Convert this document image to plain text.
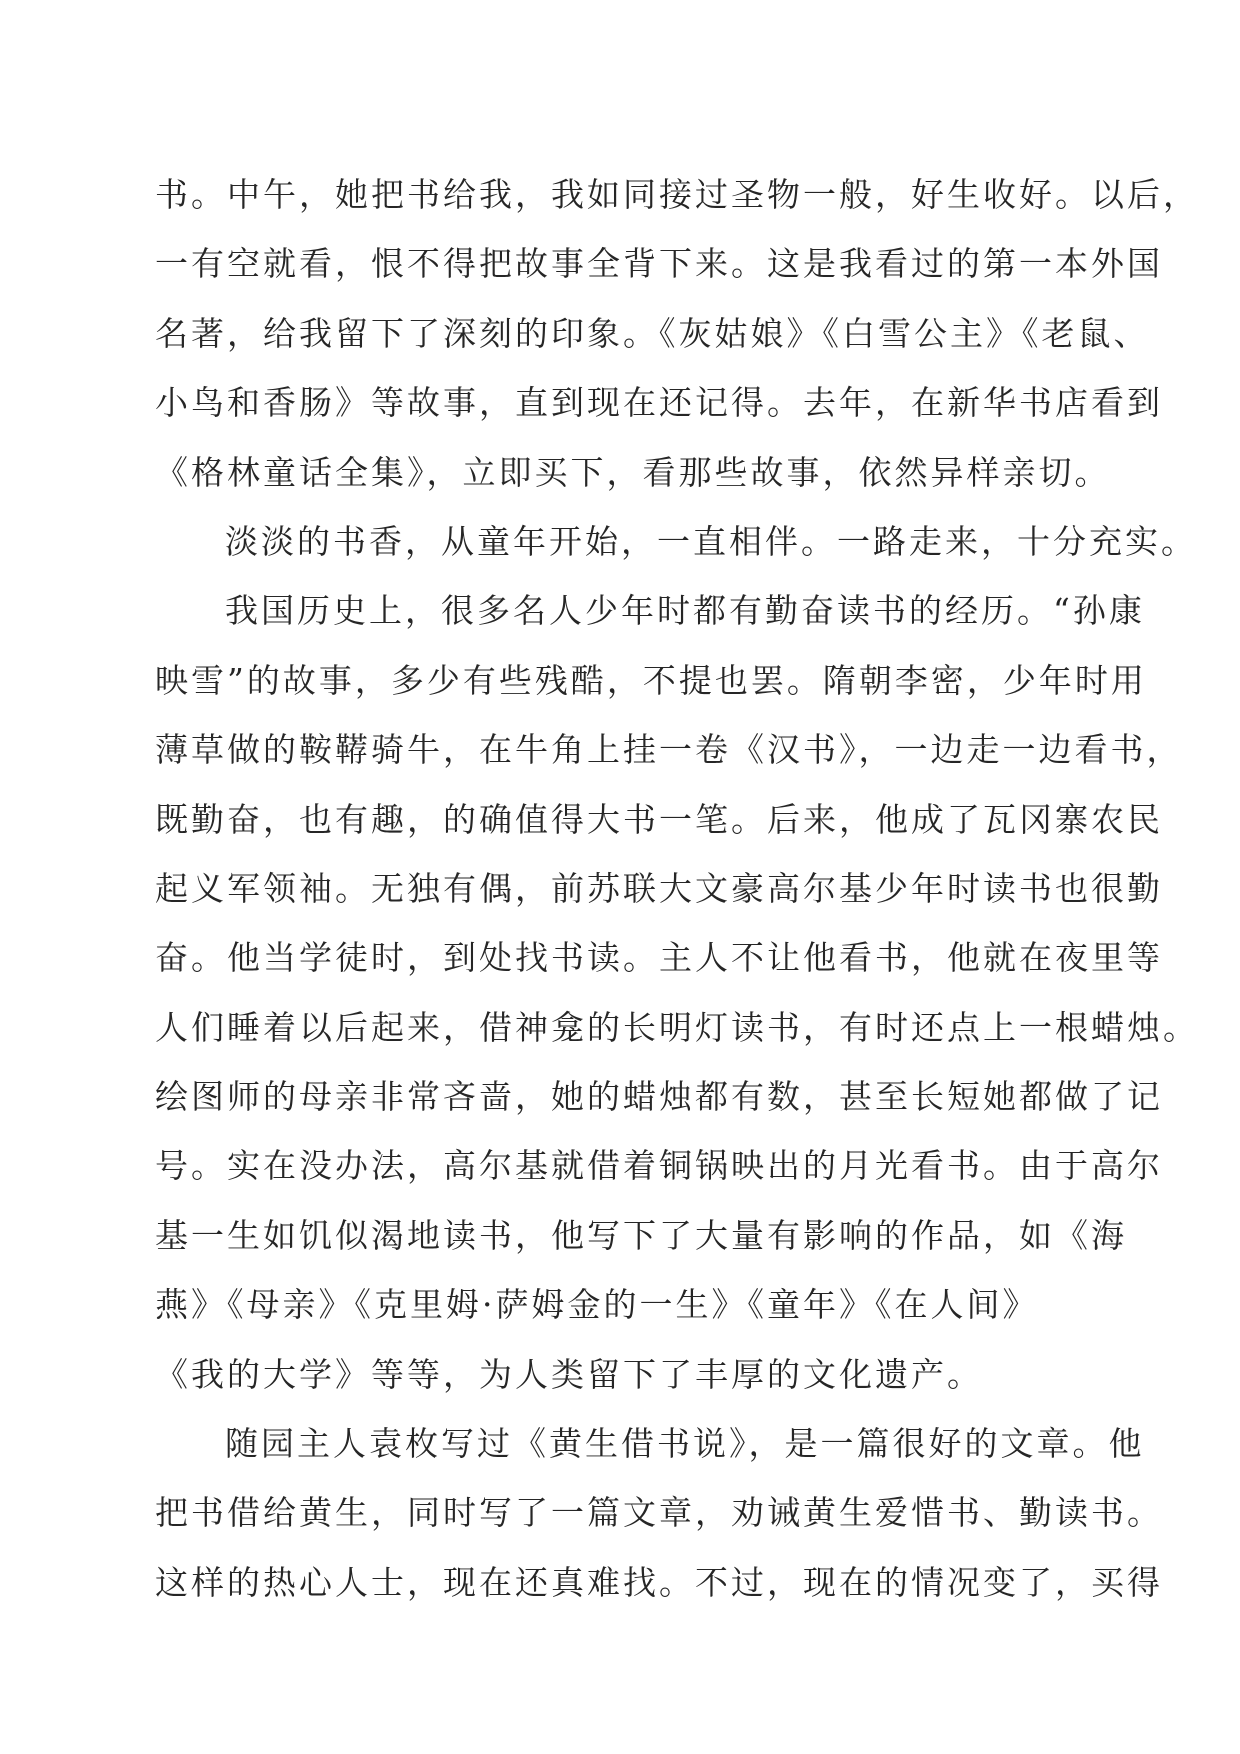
书。中午，她把书给我，我如同接过圣物一般，好生收好。以后，
一有空就看，恨不得把故事全背下来。这是我看过的第一本外国
名著，给我留下了深刻的印象。《灰姑娘》《白雪公主》《老鼠、
小鸟和香肠》等故事，直到现在还记得。去年，在新华书店看到
《格林童话全集》，立即买下，看那些故事，依然异样亲切。
淡淡的书香，从童年开始，一直相伴。一路走来，十分充实。
我国历史上，很多名人少年时都有勤奋读书的经历。“孙康
映雪”的故事，多少有些残酷，不提也罢。隋朝李密，少年时用
薄草做的鞍鞯骑牛，在牛角上挂一卷《汉书》，一边走一边看书，
既勤奋，也有趣，的确值得大书一笔。后来，他成了瓦冈寨农民
起义军领袖。无独有偶，前苏联大文豪高尔基少年时读书也很勤
奋。他当学徒时，到处找书读。主人不让他看书，他就在夜里等
人们睡着以后起来，借神龛的长明灯读书，有时还点上一根蜡烛。
绘图师的母亲非常吝啬，她的蜡烛都有数，甚至长短她都做了记
号。实在没办法，高尔基就借着铜锅映出的月光看书。由于高尔
基一生如饥似渴地读书，他写下了大量有影响的作品，如《海
燕》《母亲》《克里姆·萨姆金的一生》《童年》《在人间》
《我的大学》等等，为人类留下了丰厚的文化遗产。
随园主人袁枚写过《黄生借书说》，是一篇很好的文章。他
把书借给黄生，同时写了一篇文章，劝诫黄生爱惜书、勤读书。
这样的热心人士，现在还真难找。不过，现在的情况变了，买得
